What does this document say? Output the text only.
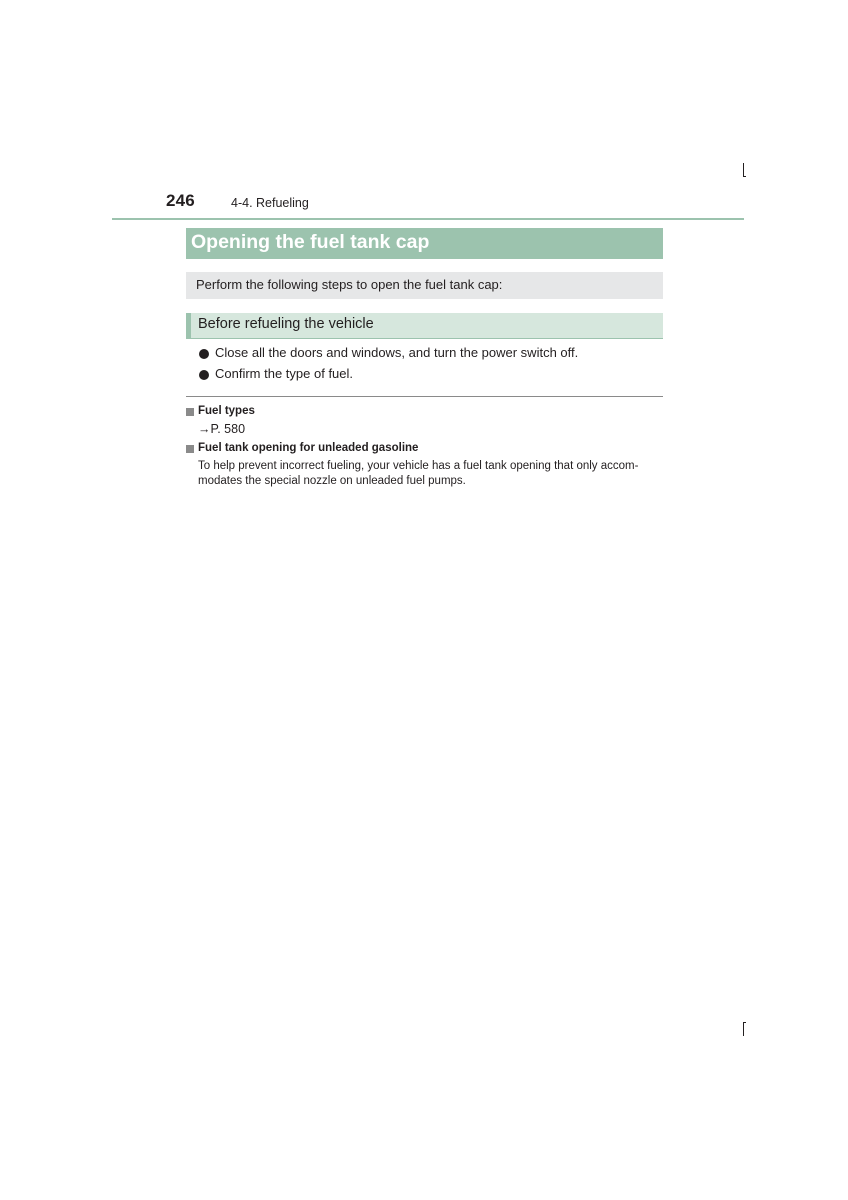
246	4-4. Refueling
Opening the fuel tank cap
Perform the following steps to open the fuel tank cap:
Before refueling the vehicle
Close all the doors and windows, and turn the power switch off.
Confirm the type of fuel.
Fuel types
→P. 580
Fuel tank opening for unleaded gasoline
To help prevent incorrect fueling, your vehicle has a fuel tank opening that only accom-modates the special nozzle on unleaded fuel pumps.
